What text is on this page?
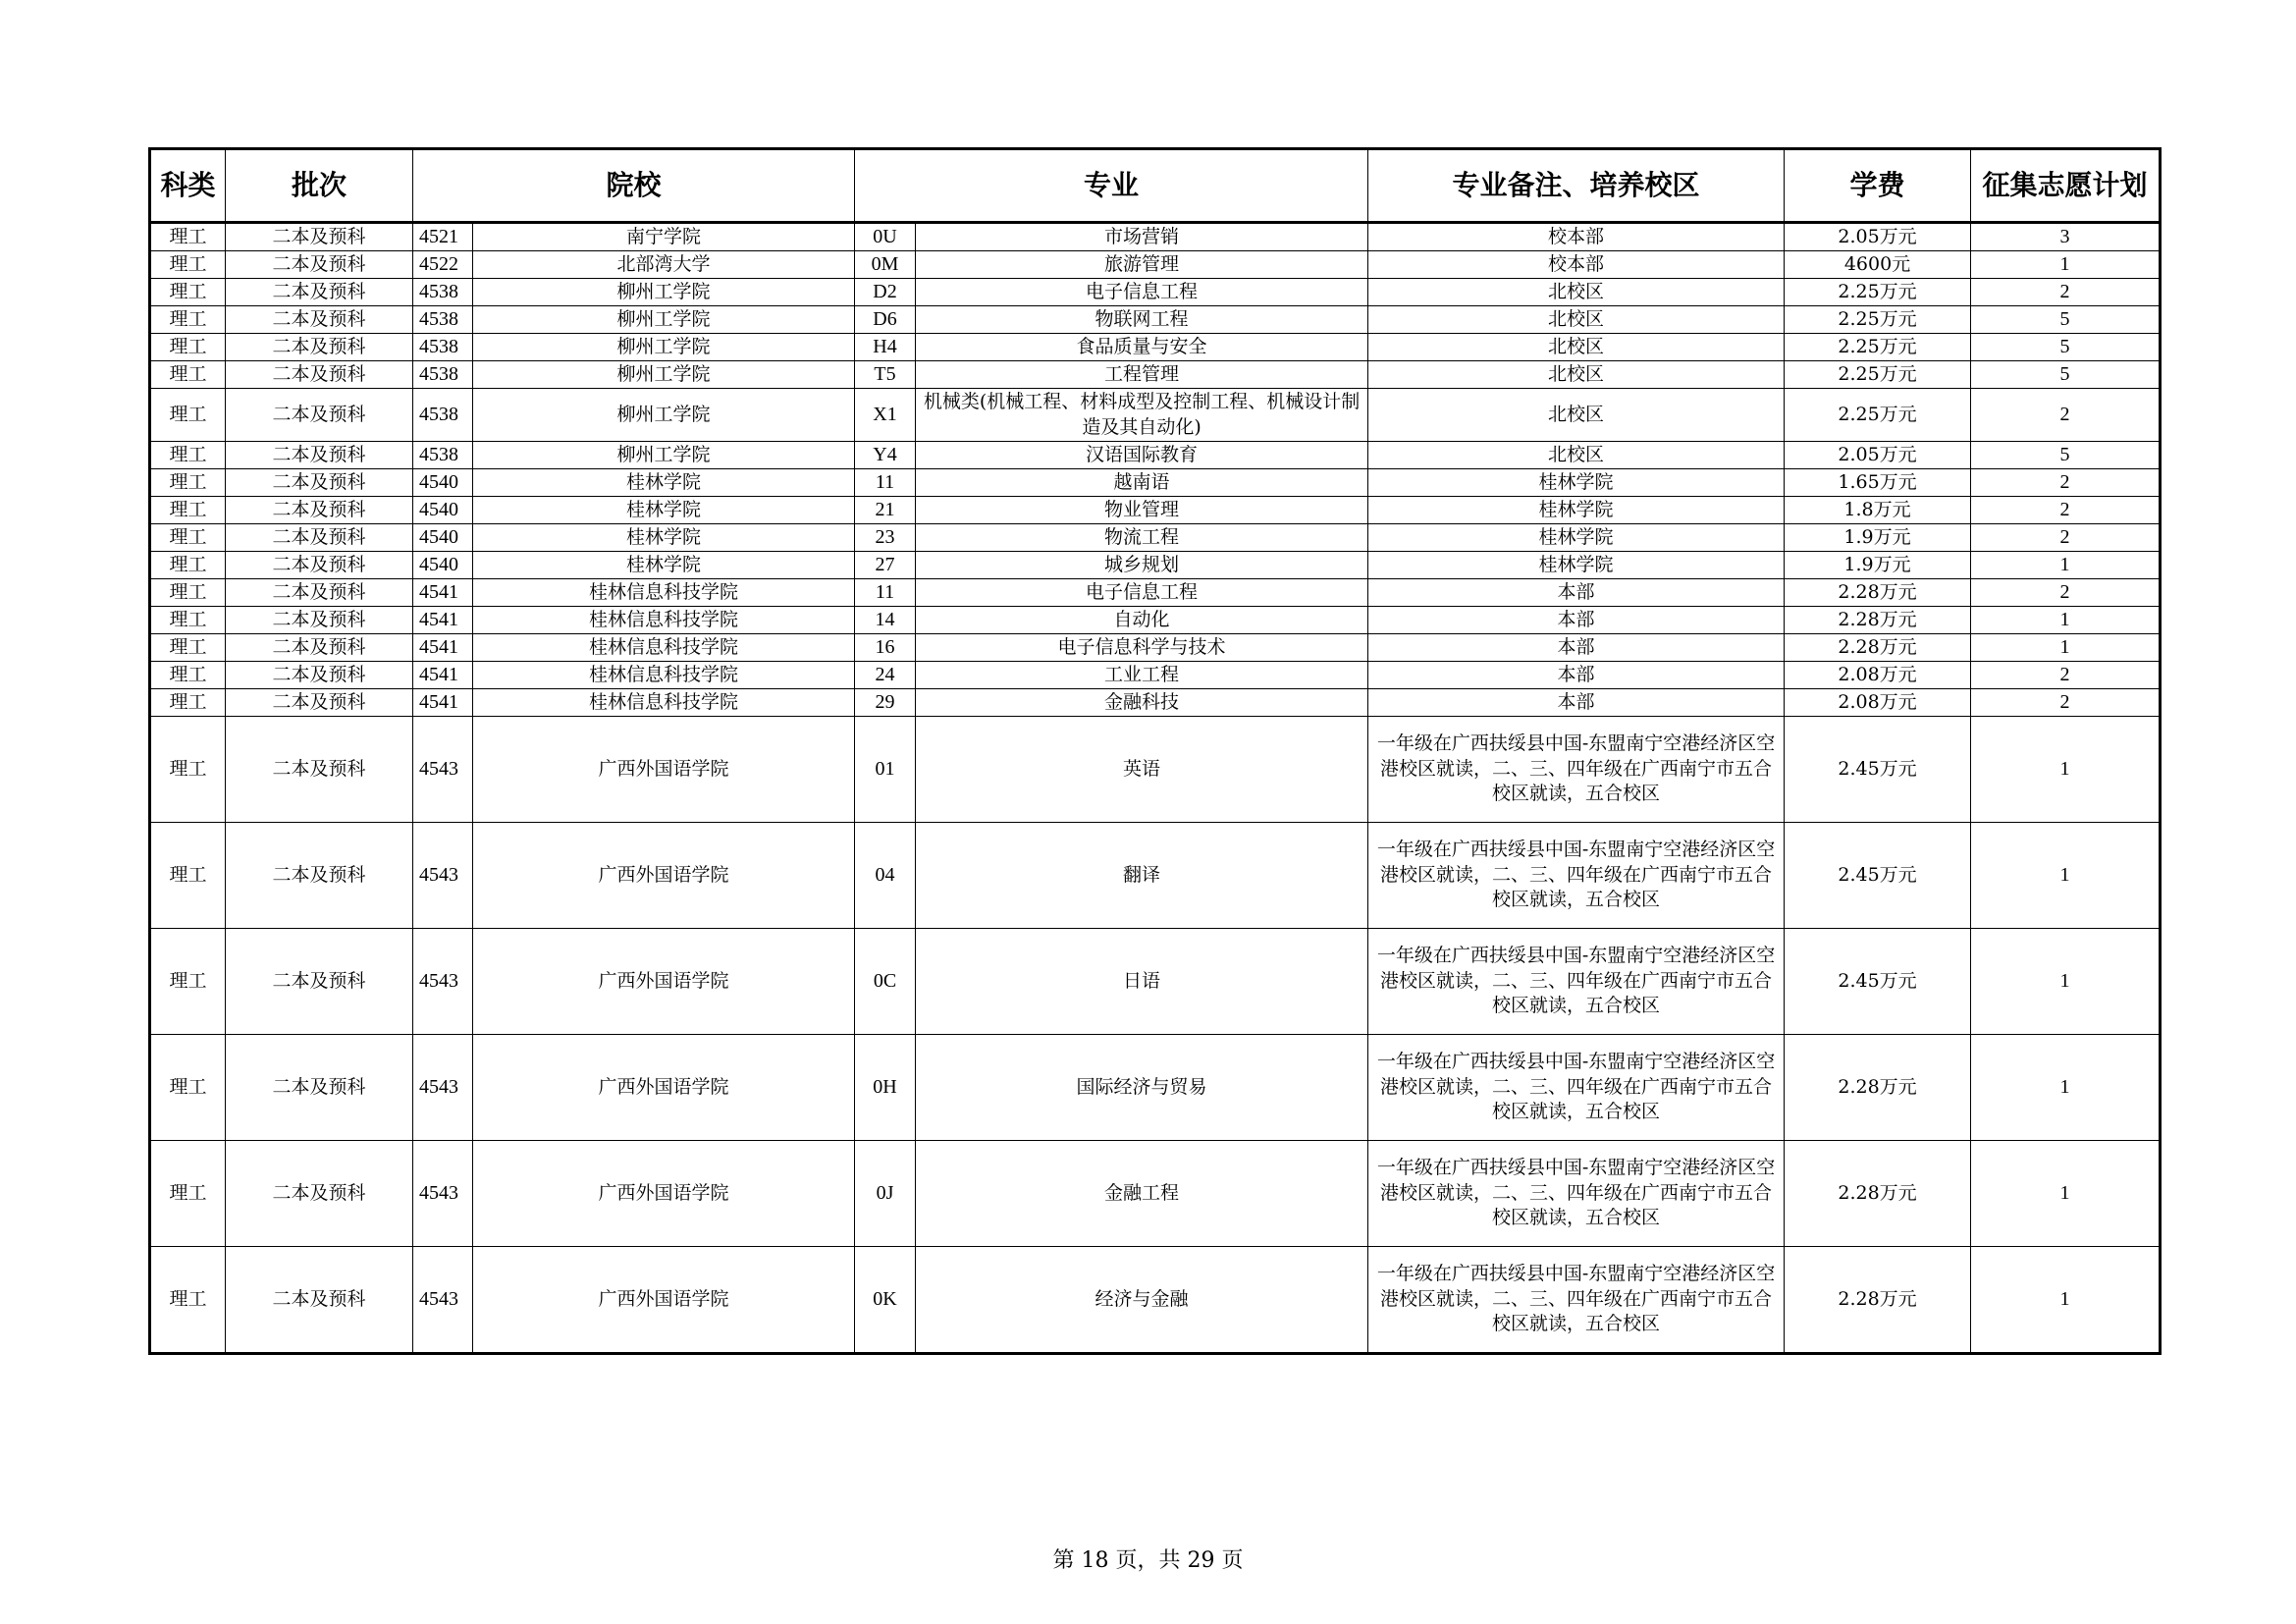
科类	批次	院校		专业		专业备注、培养校区	学费	征集志愿计划
理工	二本及预科	4521	南宁学院	0U	市场营销	校本部	2.05万元	3
理工	二本及预科	4522	北部湾大学	0M	旅游管理	校本部	4600元	1
理工	二本及预科	4538	柳州工学院	D2	电子信息工程	北校区	2.25万元	2
理工	二本及预科	4538	柳州工学院	D6	物联网工程	北校区	2.25万元	5
理工	二本及预科	4538	柳州工学院	H4	食品质量与安全	北校区	2.25万元	5
理工	二本及预科	4538	柳州工学院	T5	工程管理	北校区	2.25万元	5
理工	二本及预科	4538	柳州工学院	X1	机械类(机械工程、材料成型及控制工程、机械设计制造及其自动化)	北校区	2.25万元	2
理工	二本及预科	4538	柳州工学院	Y4	汉语国际教育	北校区	2.05万元	5
理工	二本及预科	4540	桂林学院	11	越南语	桂林学院	1.65万元	2
理工	二本及预科	4540	桂林学院	21	物业管理	桂林学院	1.8万元	2
理工	二本及预科	4540	桂林学院	23	物流工程	桂林学院	1.9万元	2
理工	二本及预科	4540	桂林学院	27	城乡规划	桂林学院	1.9万元	1
理工	二本及预科	4541	桂林信息科技学院	11	电子信息工程	本部	2.28万元	2
理工	二本及预科	4541	桂林信息科技学院	14	自动化	本部	2.28万元	1
理工	二本及预科	4541	桂林信息科技学院	16	电子信息科学与技术	本部	2.28万元	1
理工	二本及预科	4541	桂林信息科技学院	24	工业工程	本部	2.08万元	2
理工	二本及预科	4541	桂林信息科技学院	29	金融科技	本部	2.08万元	2
理工	二本及预科	4543	广西外国语学院	01	英语	一年级在广西扶绥县中国-东盟南宁空港经济区空港校区就读，二、三、四年级在广西南宁市五合校区就读，五合校区	2.45万元	1
理工	二本及预科	4543	广西外国语学院	04	翻译	一年级在广西扶绥县中国-东盟南宁空港经济区空港校区就读，二、三、四年级在广西南宁市五合校区就读，五合校区	2.45万元	1
理工	二本及预科	4543	广西外国语学院	0C	日语	一年级在广西扶绥县中国-东盟南宁空港经济区空港校区就读，二、三、四年级在广西南宁市五合校区就读，五合校区	2.45万元	1
理工	二本及预科	4543	广西外国语学院	0H	国际经济与贸易	一年级在广西扶绥县中国-东盟南宁空港经济区空港校区就读，二、三、四年级在广西南宁市五合校区就读，五合校区	2.28万元	1
理工	二本及预科	4543	广西外国语学院	0J	金融工程	一年级在广西扶绥县中国-东盟南宁空港经济区空港校区就读，二、三、四年级在广西南宁市五合校区就读，五合校区	2.28万元	1
理工	二本及预科	4543	广西外国语学院	0K	经济与金融	一年级在广西扶绥县中国-东盟南宁空港经济区空港校区就读，二、三、四年级在广西南宁市五合校区就读，五合校区	2.28万元	1
第 18 页，共 29 页
